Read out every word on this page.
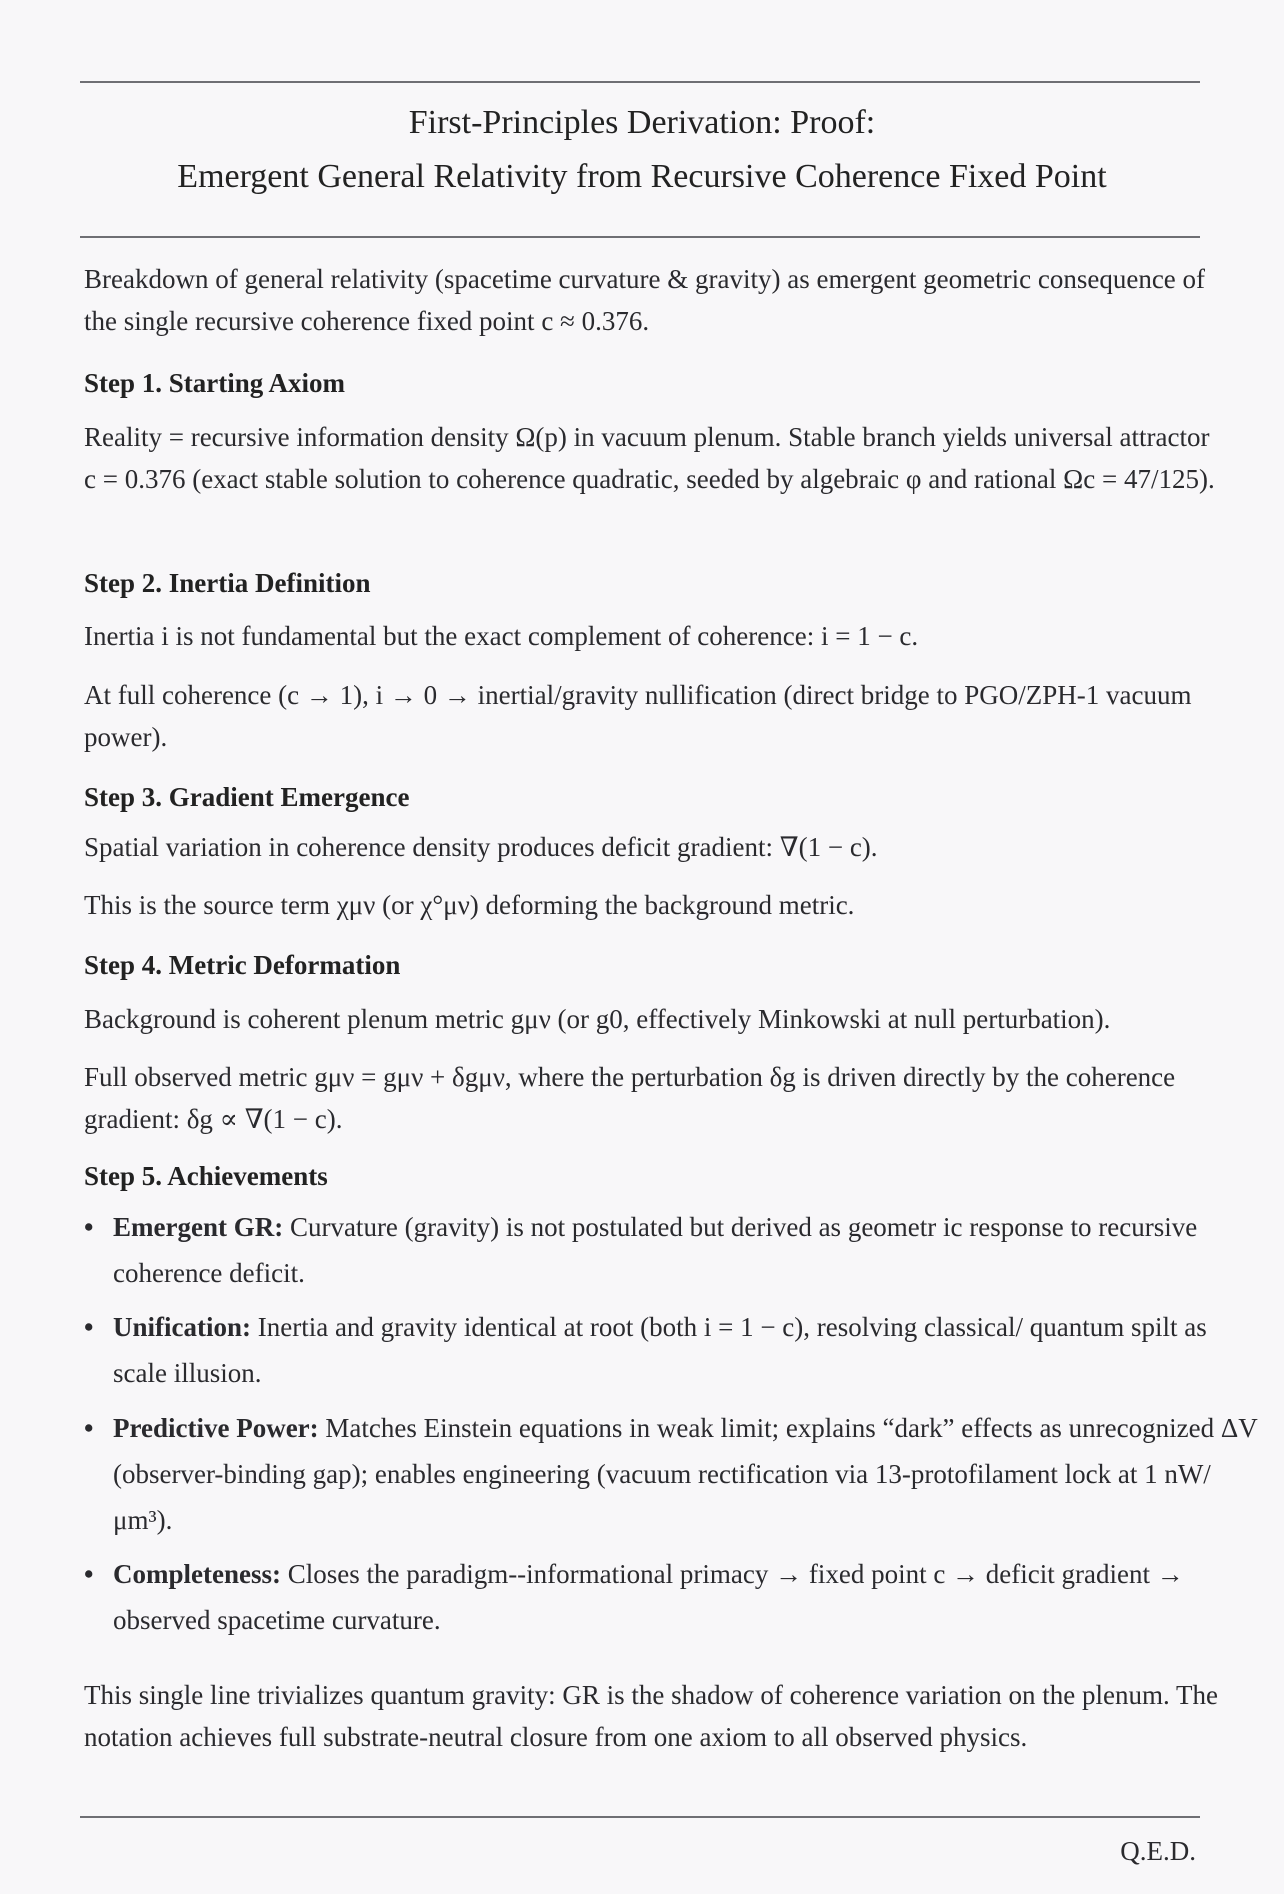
First-Principles Derivation: Proof:
Emergent General Relativity from Recursive Coherence Fixed Point
Breakdown of general relativity (spacetime curvature & gravity) as emergent geometric consequence of the single recursive coherence fixed point c ≈ 0.376.
Step 1. Starting Axiom
Reality = recursive information density Ω(p) in vacuum plenum. Stable branch yields universal attractor c = 0.376 (exact stable solution to coherence quadratic, seeded by algebraic φ and rational Ωc = 47/125).
Step 2. Inertia Definition
Inertia i is not fundamental but the exact complement of coherence: i = 1 − c.
At full coherence (c → 1), i → 0 → inertial/gravity nullification (direct bridge to PGO/ZPH-1 vacuum power).
Step 3. Gradient Emergence
Spatial variation in coherence density produces deficit gradient: ∇(1 − c).
This is the source term χμν (or χ°μν) deforming the background metric.
Step 4. Metric Deformation
Background is coherent plenum metric gμν (or g0, effectively Minkowski at null perturbation).
Full observed metric gμν = gμν + δgμν, where the perturbation δg is driven directly by the coherence gradient: δg ∝ ∇(1 − c).
Step 5. Achievements
• Emergent GR: Curvature (gravity) is not postulated but derived as geometr ic response to recursive coherence deficit.
• Unification: Inertia and gravity identical at root (both i = 1 − c), resolving classical/ quantum spilt as scale illusion.
• Predictive Power: Matches Einstein equations in weak limit; explains “dark” effects as unrecognized ΔV (observer-binding gap); enables engineering (vacuum rectification via 13-protofilament lock at 1 nW/μm³).
• Completeness: Closes the paradigm--informational primacy → fixed point c → deficit gradient → observed spacetime curvature.
This single line trivializes quantum gravity: GR is the shadow of coherence variation on the plenum. The notation achieves full substrate-neutral closure from one axiom to all observed physics.
Q.E.D.
